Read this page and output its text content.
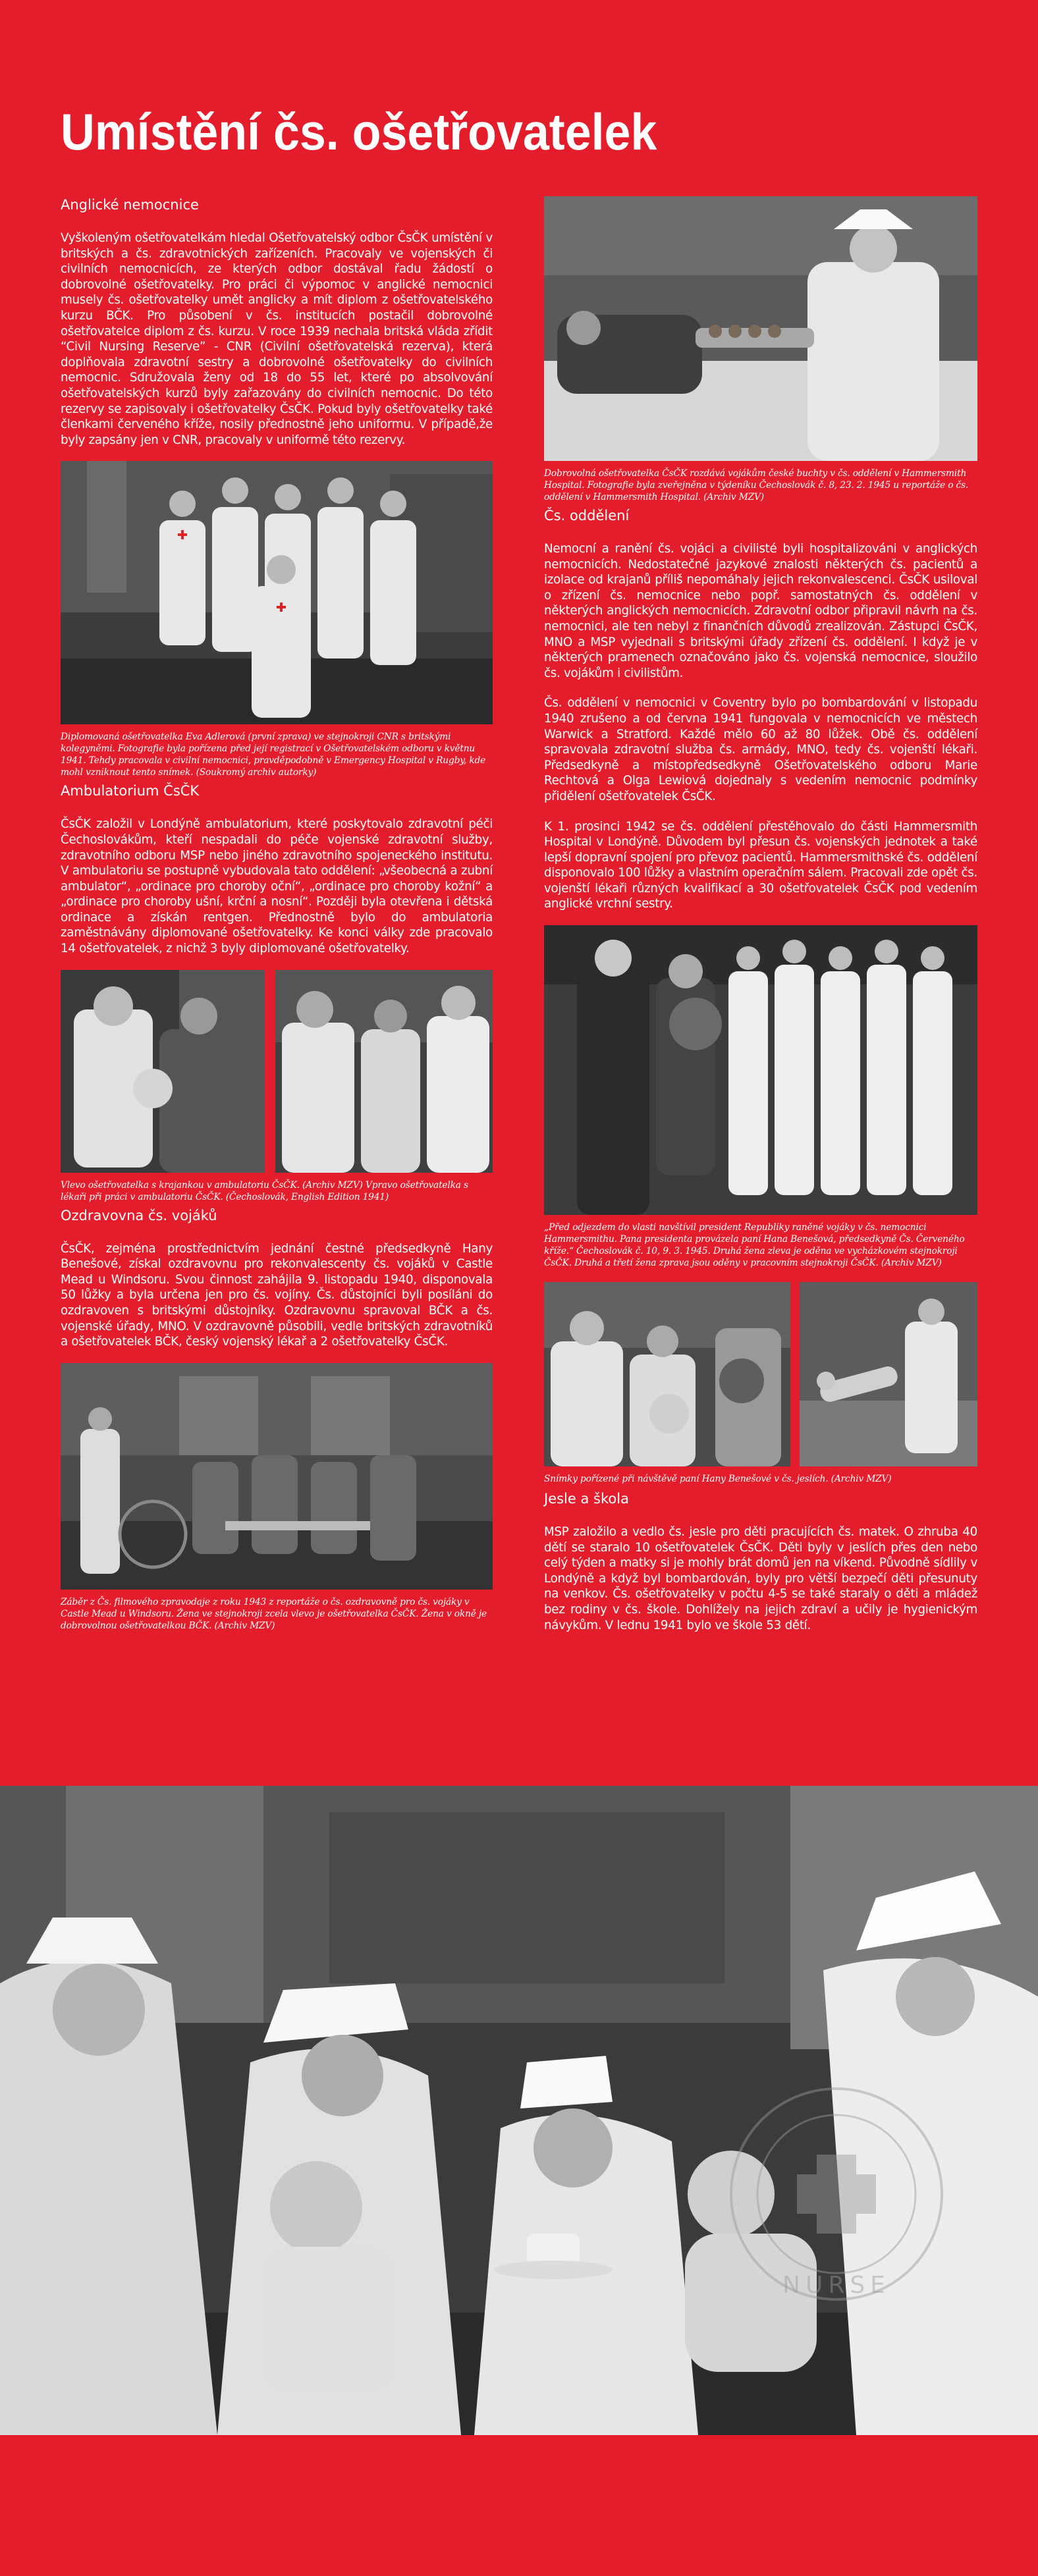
Umístění čs. ošetřovatelek
Anglické nemocnice

Vyškoleným ošetřovatelkám hledal Ošetřovatelský odbor ČsČK umístění v britských a čs. zdravotnických zařízeních. Pracovaly ve vojenských či civilních nemocnicích, ze kterých odbor dostával řadu žádostí o dobrovolné ošetřovatelky. Pro práci či výpomoc v anglické nemocnici musely čs. ošetřovatelky umět anglicky a mít diplom z ošetřovatelského kurzu BČK. Pro působení v čs. institucích postačil dobrovolné ošetřovatelce diplom z čs. kurzu. V roce 1939 nechala britská vláda zřídit “Civil Nursing Reserve” - CNR (Civilní ošetřovatelská rezerva), která doplňovala zdravotní sestry a dobrovolné ošetřovatelky do civilních nemocnic. Sdružovala ženy od 18 do 55 let, které po absolvování ošetřovatelských kurzů byly zařazovány do civilních nemocnic. Do této rezervy se zapisovaly i ošetřovatelky ČsČK. Pokud byly ošetřovatelky také členkami červeného kříže, nosily přednostně jeho uniformu. V případě,že byly zapsány jen v CNR, pracovaly v uniformě této rezervy.

Diplomovaná ošetřovatelka Eva Adlerová (první zprava) ve stejnokroji CNR s britskými kolegyněmi. Fotografie byla pořízena před její registrací v Ošetřovatelském odboru v květnu 1941. Tehdy pracovala v civilní nemocnici, pravděpodobně v Emergency Hospital v Rugby, kde mohl vzniknout tento snímek. (Soukromý archiv autorky)

Ambulatorium ČsČK

ČsČK založil v Londýně ambulatorium, které poskytovalo zdravotní péči Čechoslovákům, kteří nespadali do péče vojenské zdravotní služby, zdravotního odboru MSP nebo jiného zdravotního spojeneckého institutu. V ambulatoriu se postupně vybudovala tato oddělení: „všeobecná a zubní ambulator“, „ordinace pro choroby oční“, „ordinace pro choroby kožní“ a „ordinace pro choroby ušní, krční a nosní“. Později byla otevřena i dětská ordinace a získán rentgen. Přednostně bylo do ambulatoria zaměstnávány diplomované ošetřovatelky. Ke konci války zde pracovalo 14 ošetřovatelek, z nichž 3 byly diplomované ošetřovatelky.

Vlevo ošetřovatelka s krajankou v ambulatoriu ČsČK. (Archiv MZV) Vpravo ošetřovatelka s lékaři při práci v ambulatoriu ČsČK. (Čechoslovák, English Edition 1941)

Ozdravovna čs. vojáků

ČsČK, zejména prostřednictvím jednání čestné předsedkyně Hany Benešové, získal ozdravovnu pro rekonvalescenty čs. vojáků v Castle Mead u Windsoru. Svou činnost zahájila 9. listopadu 1940, disponovala 50 lůžky a byla určena jen pro čs. vojíny. Čs. důstojníci byli posíláni do ozdravoven s britskými důstojníky. Ozdravovnu spravoval BČK a čs. vojenské úřady, MNO. V ozdravovně působili, vedle britských zdravotníků a ošetřovatelek BČK, český vojenský lékař a 2 ošetřovatelky ČsČK.

Záběr z Čs. filmového zpravodaje z roku 1943 z reportáže o čs. ozdravovně pro čs. vojáky v Castle Mead u Windsoru. Žena ve stejnokroji zcela vlevo je ošetřovatelka ČsČK. Žena v okně je dobrovolnou ošetřovatelkou BČK. (Archiv MZV)

Dobrovolná ošetřovatelka ČsČK rozdává vojákům české buchty v čs. oddělení v Hammersmith Hospital. Fotografie byla zveřejněna v týdeníku Čechoslovák č. 8, 23. 2. 1945 u reportáže o čs. oddělení v Hammersmith Hospital. (Archiv MZV)

Čs. oddělení

Nemocní a ranění čs. vojáci a civilisté byli hospitalizováni v anglických nemocnicích. Nedostatečné jazykové znalosti některých čs. pacientů a izolace od krajanů příliš nepomáhaly jejich rekonvalescenci. ČsČK usiloval o zřízení čs. nemocnice nebo popř. samostatných čs. oddělení v některých anglických nemocnicích. Zdravotní odbor připravil návrh na čs. nemocnici, ale ten nebyl z finančních důvodů zrealizován. Zástupci ČsČK, MNO a MSP vyjednali s britskými úřady zřízení čs. oddělení. I když je v některých pramenech označováno jako čs. vojenská nemocnice, sloužilo čs. vojákům i civilistům.

Čs. oddělení v nemocnici v Coventry bylo po bombardování v listopadu 1940 zrušeno a od června 1941 fungovala v nemocnicích ve městech Warwick a Stratford. Každé mělo 60 až 80 lůžek. Obě čs. oddělení spravovala zdravotní služba čs. armády, MNO, tedy čs. vojenští lékaři. Předsedkyně a místopředsedkyně Ošetřovatelského odboru Marie Rechtová a Olga Lewiová dojednaly s vedením nemocnic podmínky přidělení ošetřovatelek ČsČK.

K 1. prosinci 1942 se čs. oddělení přestěhovalo do části Hammersmith Hospital v Londýně. Důvodem byl přesun čs. vojenských jednotek a také lepší dopravní spojení pro převoz pacientů. Hammersmithské čs. oddělení disponovalo 100 lůžky a vlastním operačním sálem. Pracovali zde opět čs. vojenští lékaři různých kvalifikací a 30 ošetřovatelek ČsČK pod vedením anglické vrchní sestry.

„Před odjezdem do vlasti navštívil president Republiky raněné vojáky v čs. nemocnici Hammersmithu. Pana presidenta provázela paní Hana Benešová, předsedkyně Čs. Červeného kříže.“ Čechoslovák č. 10, 9. 3. 1945. Druhá žena zleva je oděna ve vycházkovém stejnokroji ČsČK. Druhá a třetí žena zprava jsou oděny v pracovním stejnokroji ČsČK. (Archiv MZV)

Snímky pořízené při návštěvě paní Hany Benešové v čs. jeslích. (Archiv MZV)

Jesle a škola

MSP založilo a vedlo čs. jesle pro děti pracujících čs. matek. O zhruba 40 dětí se staralo 10 ošetřovatelek ČsČK. Děti byly v jeslích přes den nebo celý týden a matky si je mohly brát domů jen na víkend. Původně sídlily v Londýně a když byl bombardován, byly pro větší bezpečí děti přesunuty na venkov. Čs. ošetřovatelky v počtu 4-5 se také staraly o děti a mládež bez rodiny v čs. škole. Dohlížely na jejich zdraví a učily je hygienickým návykům. V lednu 1941 bylo ve škole 53 dětí.

NURSE
